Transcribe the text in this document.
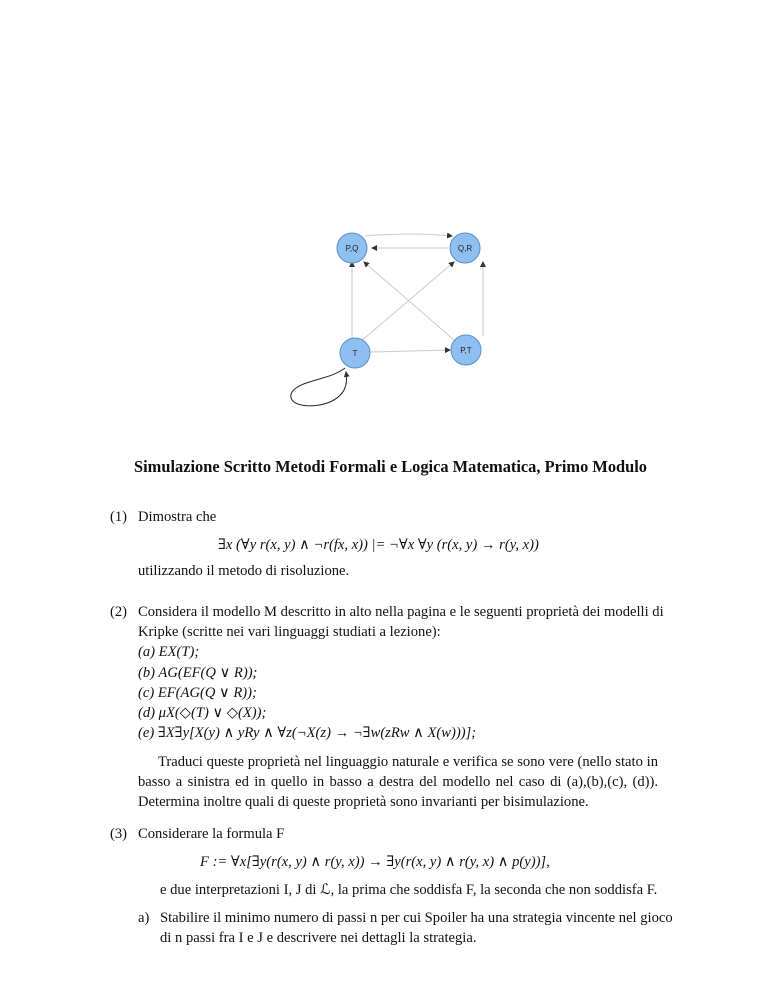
P,Q	Q,R
T	P,T
Simulazione Scritto Metodi Formali e Logica Matematica, Primo Modulo
(1) Dimostra che
∃x (∀y r(x, y) ∧ ¬r(fx, x)) |= ¬∀x ∀y (r(x, y) → r(y, x))
utilizzando il metodo di risoluzione.
(2) Considera il modello M descritto in alto nella pagina e le seguenti proprietà dei modelli di
Kripke (scritte nei vari linguaggi studiati a lezione):
(a) EX(T);
(b) AG(EF(Q ∨ R));
(c) EF(AG(Q ∨ R));
(d) μX(◇(T) ∨ ◇(X));
(e) ∃X∃y[X(y) ∧ yRy ∧ ∀z(¬X(z) → ¬∃w(zRw ∧ X(w)))];
Traduci queste proprietà nel linguaggio naturale e verifica se sono vere (nello stato in basso a sinistra ed in quello in basso a destra del modello nel caso di (a),(b),(c), (d)). Determina inoltre quali di queste proprietà sono invarianti per bisimulazione.
(3) Considerare la formula F
F := ∀x[∃y(r(x, y) ∧ r(y, x)) → ∃y(r(x, y) ∧ r(y, x) ∧ p(y))],
e due interpretazioni I, J di ℒ, la prima che soddisfa F, la seconda che non soddisfa F.
a) Stabilire il minimo numero di passi n per cui Spoiler ha una strategia vincente nel gioco
di n passi fra I e J e descrivere nei dettagli la strategia.
